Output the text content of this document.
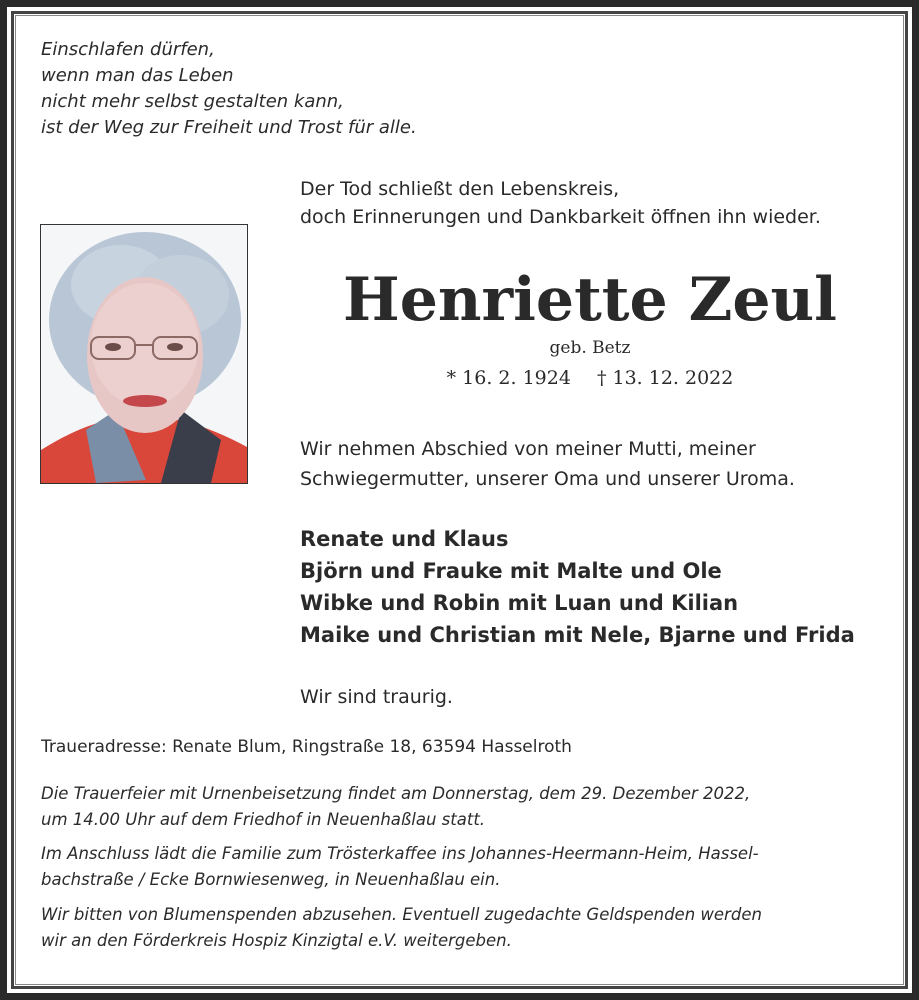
Einschlafen dürfen,
wenn man das Leben
nicht mehr selbst gestalten kann,
ist der Weg zur Freiheit und Trost für alle.
Der Tod schließt den Lebenskreis,
doch Erinnerungen und Dankbarkeit öffnen ihn wieder.
Henriette Zeul
geb. Betz
* 16. 2. 1924 † 13. 12. 2022
Wir nehmen Abschied von meiner Mutti, meiner
Schwiegermutter, unserer Oma und unserer Uroma.
Renate und Klaus
Björn und Frauke mit Malte und Ole
Wibke und Robin mit Luan und Kilian
Maike und Christian mit Nele, Bjarne und Frida
Wir sind traurig.
Traueradresse: Renate Blum, Ringstraße 18, 63594 Hasselroth
Die Trauerfeier mit Urnenbeisetzung findet am Donnerstag, dem 29. Dezember 2022,
um 14.00 Uhr auf dem Friedhof in Neuenhaßlau statt.
Im Anschluss lädt die Familie zum Trösterkaffee ins Johannes-Heermann-Heim, Hassel-
bachstraße / Ecke Bornwiesenweg, in Neuenhaßlau ein.
Wir bitten von Blumenspenden abzusehen. Eventuell zugedachte Geldspenden werden
wir an den Förderkreis Hospiz Kinzigtal e.V. weitergeben.
